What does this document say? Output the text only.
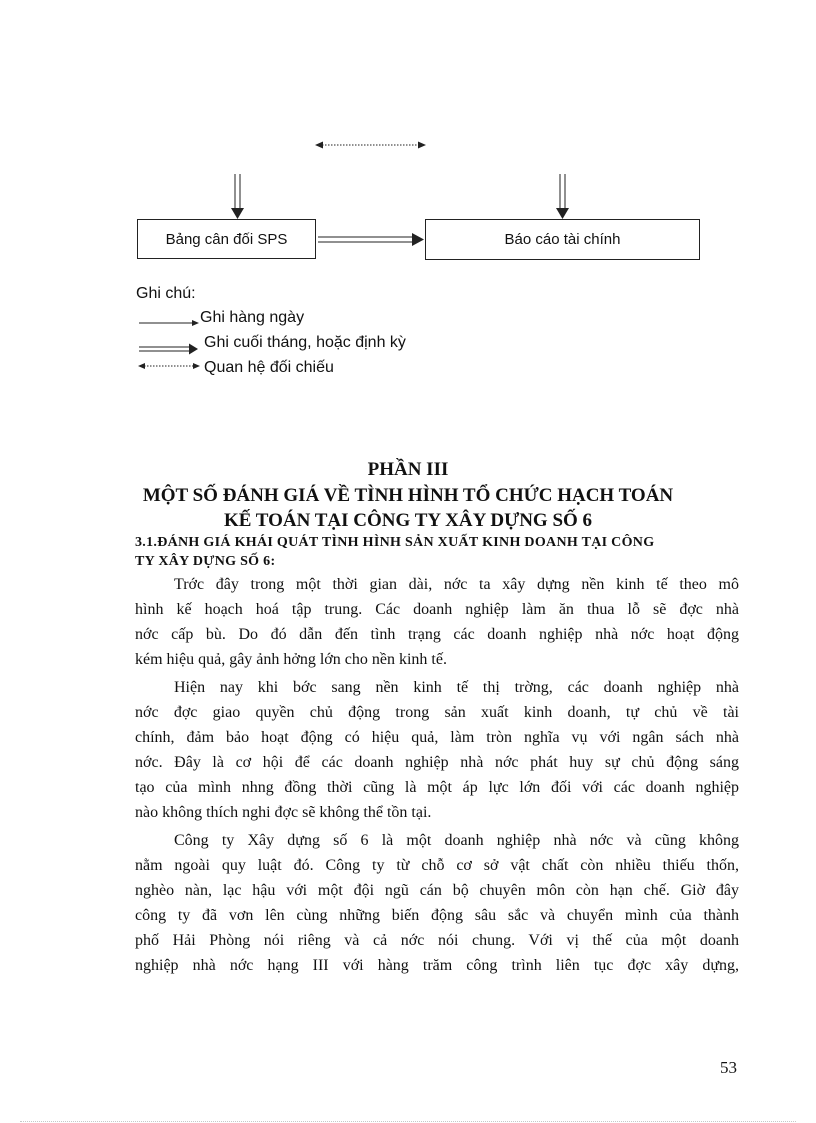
Bảng cân đối SPS	Báo cáo tài chính
Ghi chú:
Ghi hàng ngày
Ghi cuối tháng, hoặc định kỳ
Quan hệ đối chiếu
PHẦN III
MỘT SỐ ĐÁNH GIÁ VỀ TÌNH HÌNH TỔ CHỨC HẠCH TOÁN
KẾ TOÁN TẠI CÔNG TY XÂY DỰNG SỐ 6
3.1.ĐÁNH GIÁ KHÁI QUÁT TÌNH HÌNH SẢN XUẤT KINH DOANH TẠI CÔNG
TY XÂY DỰNG SỐ 6:
Trớc đây trong một thời gian dài, nớc ta xây dựng nền kinh tế theo mô
hình kế hoạch hoá tập trung. Các doanh nghiệp làm ăn thua lỗ sẽ đợc nhà
nớc cấp bù. Do đó dẫn đến tình trạng các doanh nghiệp nhà nớc hoạt động
kém hiệu quả, gây ảnh hởng lớn cho nền kinh tế.
Hiện nay khi bớc sang nền kinh tế thị trờng, các doanh nghiệp nhà
nớc đợc giao quyền chủ động trong sản xuất kinh doanh, tự chủ về tài
chính, đảm bảo hoạt động có hiệu quả, làm tròn nghĩa vụ với ngân sách nhà
nớc. Đây là cơ hội để các doanh nghiệp nhà nớc phát huy sự chủ động sáng
tạo của mình nhng đồng thời cũng là một áp lực lớn đối với các doanh nghiệp
nào không thích nghi đợc sẽ không thể tồn tại.
Công ty Xây dựng số 6 là một doanh nghiệp nhà nớc và cũng không
nằm ngoài quy luật đó. Công ty từ chỗ cơ sở vật chất còn nhiều thiếu thốn,
nghèo nàn, lạc hậu với một đội ngũ cán bộ chuyên môn còn hạn chế. Giờ đây
công ty đã vơn lên cùng những biến động sâu sắc và chuyển mình của thành
phố Hải Phòng nói riêng và cả nớc nói chung. Với vị thế của một doanh
nghiệp nhà nớc hạng III với hàng trăm công trình liên tục đợc xây dựng,
53
